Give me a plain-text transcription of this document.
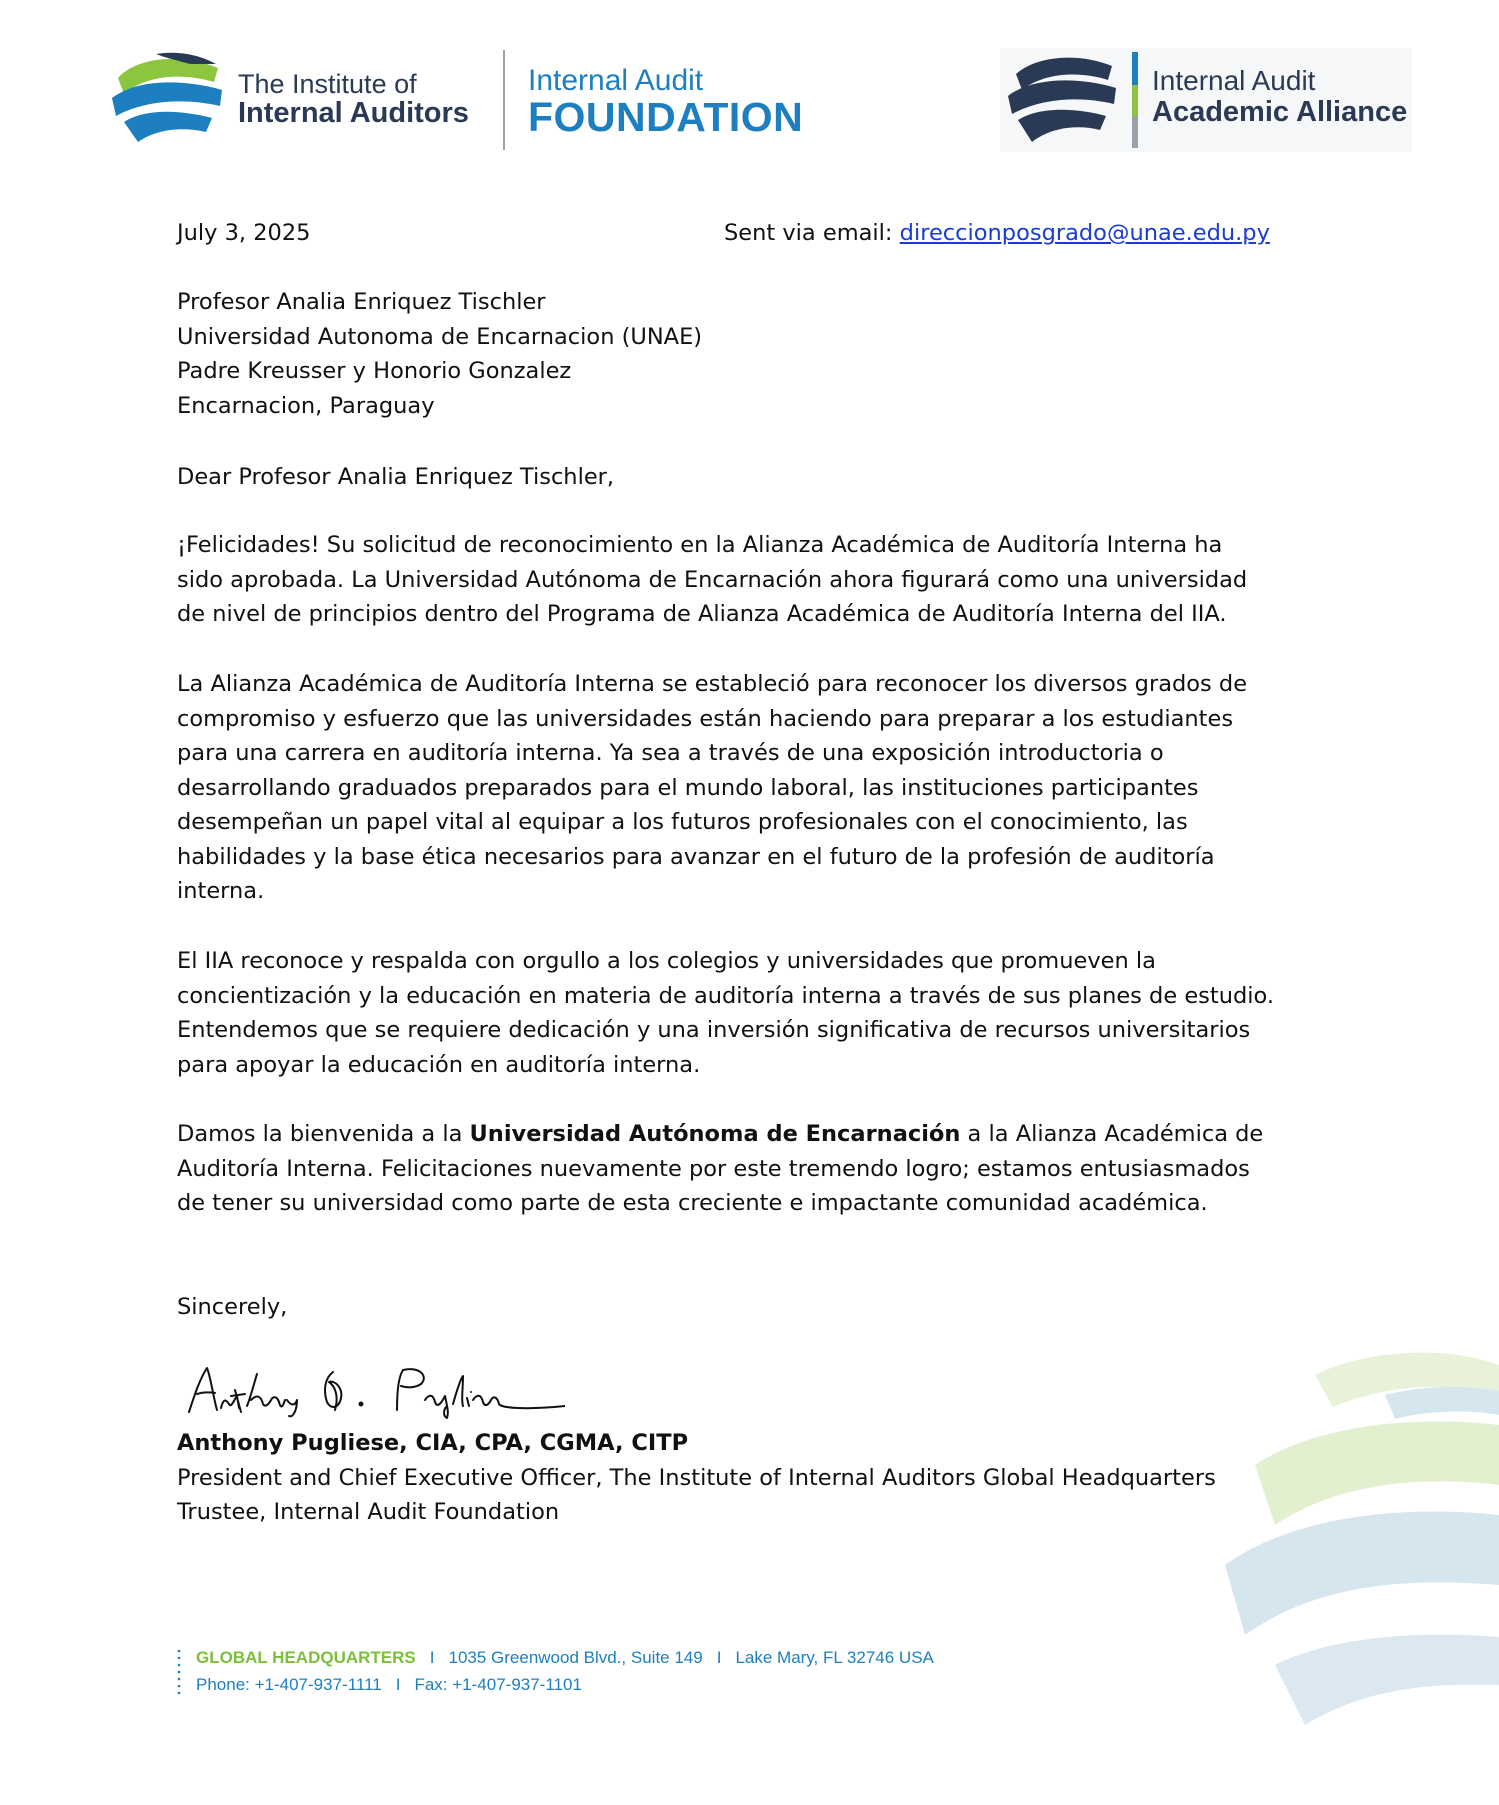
The Institute of
Internal Auditors
Internal Audit
FOUNDATION
Internal Audit
Academic Alliance
July 3, 2025	Sent via email: direccionposgrado@unae.edu.py

Profesor Analia Enriquez Tischler

Universidad Autonoma de Encarnacion (UNAE)

Padre Kreusser y Honorio Gonzalez

Encarnacion, Paraguay

Dear Profesor Analia Enriquez Tischler,

¡Felicidades! Su solicitud de reconocimiento en la Alianza Académica de Auditoría Interna ha

sido aprobada. La Universidad Autónoma de Encarnación ahora figurará como una universidad

de nivel de principios dentro del Programa de Alianza Académica de Auditoría Interna del IIA.

La Alianza Académica de Auditoría Interna se estableció para reconocer los diversos grados de

compromiso y esfuerzo que las universidades están haciendo para preparar a los estudiantes

para una carrera en auditoría interna. Ya sea a través de una exposición introductoria o

desarrollando graduados preparados para el mundo laboral, las instituciones participantes

desempeñan un papel vital al equipar a los futuros profesionales con el conocimiento, las

habilidades y la base ética necesarios para avanzar en el futuro de la profesión de auditoría

interna.

El IIA reconoce y respalda con orgullo a los colegios y universidades que promueven la

concientización y la educación en materia de auditoría interna a través de sus planes de estudio.

Entendemos que se requiere dedicación y una inversión significativa de recursos universitarios

para apoyar la educación en auditoría interna.

Damos la bienvenida a la Universidad Autónoma de Encarnación a la Alianza Académica de

Auditoría Interna. Felicitaciones nuevamente por este tremendo logro; estamos entusiasmados

de tener su universidad como parte de esta creciente e impactante comunidad académica.

Sincerely,

Anthony Pugliese, CIA, CPA, CGMA, CITP

President and Chief Executive Officer, The Institute of Internal Auditors Global Headquarters

Trustee, Internal Audit Foundation

GLOBAL HEADQUARTERS I 1035 Greenwood Blvd., Suite 149 I Lake Mary, FL 32746 USA
Phone: +1-407-937-1111 I Fax: +1-407-937-1101
